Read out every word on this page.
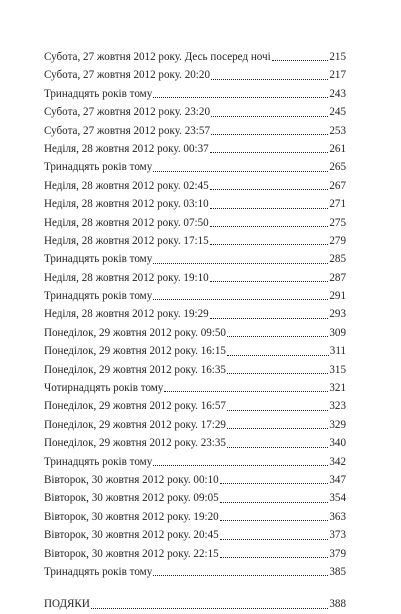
Субота, 27 жовтня 2012 року. Десь посеред ночі	215
Субота, 27 жовтня 2012 року. 20:20	217
Тринадцять років тому	243
Субота, 27 жовтня 2012 року. 23:20	245
Субота, 27 жовтня 2012 року. 23:57	253
Неділя, 28 жовтня 2012 року. 00:37	261
Тринадцять років тому	265
Неділя, 28 жовтня 2012 року. 02:45	267
Неділя, 28 жовтня 2012 року. 03:10	271
Неділя, 28 жовтня 2012 року. 07:50	275
Неділя, 28 жовтня 2012 року. 17:15	279
Тринадцять років тому	285
Неділя, 28 жовтня 2012 року. 19:10	287
Тринадцять років тому	291
Неділя, 28 жовтня 2012 року. 19:29	293
Понеділок, 29 жовтня 2012 року. 09:50	309
Понеділок, 29 жовтня 2012 року. 16:15	311
Понеділок, 29 жовтня 2012 року. 16:35	315
Чотирнадцять років тому	321
Понеділок, 29 жовтня 2012 року. 16:57	323
Понеділок, 29 жовтня 2012 року. 17:29	329
Понеділок, 29 жовтня 2012 року. 23:35	340
Тринадцять років тому	342
Вівторок, 30 жовтня 2012 року. 00:10	347
Вівторок, 30 жовтня 2012 року. 09:05	354
Вівторок, 30 жовтня 2012 року. 19:20	363
Вівторок, 30 жовтня 2012 року. 20:45	373
Вівторок, 30 жовтня 2012 року. 22:15	379
Тринадцять років тому	385
ПОДЯКИ	388
